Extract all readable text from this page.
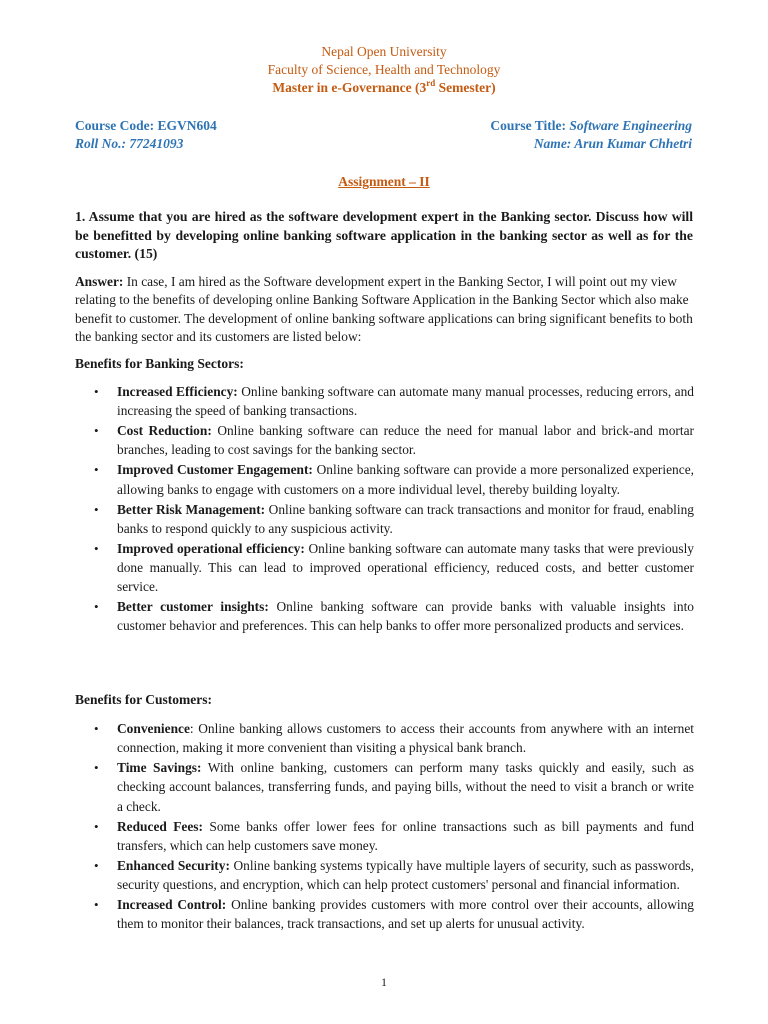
Nepal Open University
Faculty of Science, Health and Technology
Master in e-Governance (3rd Semester)
Course Code: EGVN604
Roll No.: 77241093
Course Title: Software Engineering
Name: Arun Kumar Chhetri
Assignment – II
1. Assume that you are hired as the software development expert in the Banking sector. Discuss how will be benefitted by developing online banking software application in the banking sector as well as for the customer. (15)
Answer: In case, I am hired as the Software development expert in the Banking Sector, I will point out my view relating to the benefits of developing online Banking Software Application in the Banking Sector which also make benefit to customer. The development of online banking software applications can bring significant benefits to both the banking sector and its customers are listed below:
Benefits for Banking Sectors:
• Increased Efficiency: Online banking software can automate many manual processes, reducing errors, and increasing the speed of banking transactions.
• Cost Reduction: Online banking software can reduce the need for manual labor and brick-and mortar branches, leading to cost savings for the banking sector.
• Improved Customer Engagement: Online banking software can provide a more personalized experience, allowing banks to engage with customers on a more individual level, thereby building loyalty.
• Better Risk Management: Online banking software can track transactions and monitor for fraud, enabling banks to respond quickly to any suspicious activity.
• Improved operational efficiency: Online banking software can automate many tasks that were previously done manually. This can lead to improved operational efficiency, reduced costs, and better customer service.
• Better customer insights: Online banking software can provide banks with valuable insights into customer behavior and preferences. This can help banks to offer more personalized products and services.
Benefits for Customers:
• Convenience: Online banking allows customers to access their accounts from anywhere with an internet connection, making it more convenient than visiting a physical bank branch.
• Time Savings: With online banking, customers can perform many tasks quickly and easily, such as checking account balances, transferring funds, and paying bills, without the need to visit a branch or write a check.
• Reduced Fees: Some banks offer lower fees for online transactions such as bill payments and fund transfers, which can help customers save money.
• Enhanced Security: Online banking systems typically have multiple layers of security, such as passwords, security questions, and encryption, which can help protect customers' personal and financial information.
• Increased Control: Online banking provides customers with more control over their accounts, allowing them to monitor their balances, track transactions, and set up alerts for unusual activity.
1
